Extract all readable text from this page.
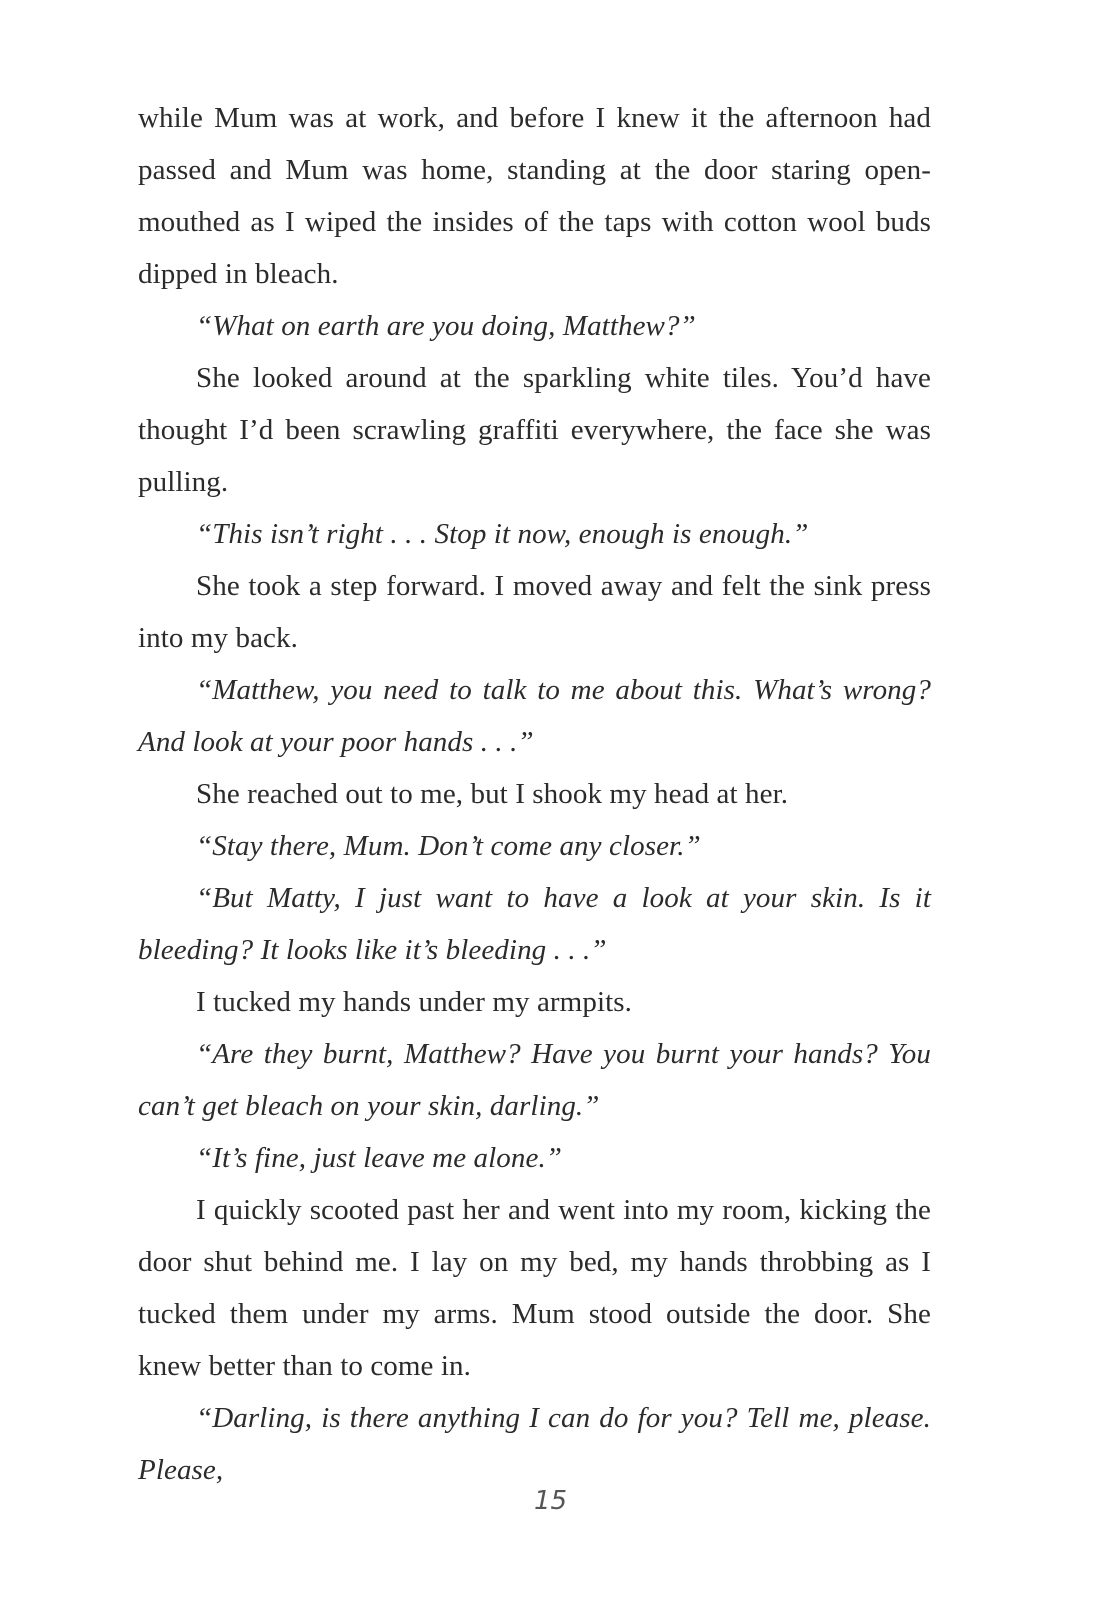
while Mum was at work, and before I knew it the afternoon had passed and Mum was home, standing at the door staring open-mouthed as I wiped the insides of the taps with cotton wool buds dipped in bleach.

“What on earth are you doing, Matthew?”

She looked around at the sparkling white tiles. You’d have thought I’d been scrawling graffiti everywhere, the face she was pulling.

“This isn’t right . . . Stop it now, enough is enough.”

She took a step forward. I moved away and felt the sink press into my back.

“Matthew, you need to talk to me about this. What’s wrong? And look at your poor hands . . .”

She reached out to me, but I shook my head at her.

“Stay there, Mum. Don’t come any closer.”

“But Matty, I just want to have a look at your skin. Is it bleeding? It looks like it’s bleeding . . .”

I tucked my hands under my armpits.

“Are they burnt, Matthew? Have you burnt your hands? You can’t get bleach on your skin, darling.”

“It’s fine, just leave me alone.”

I quickly scooted past her and went into my room, kicking the door shut behind me. I lay on my bed, my hands throbbing as I tucked them under my arms. Mum stood outside the door. She knew better than to come in.

“Darling, is there anything I can do for you? Tell me, please. Please,

15
